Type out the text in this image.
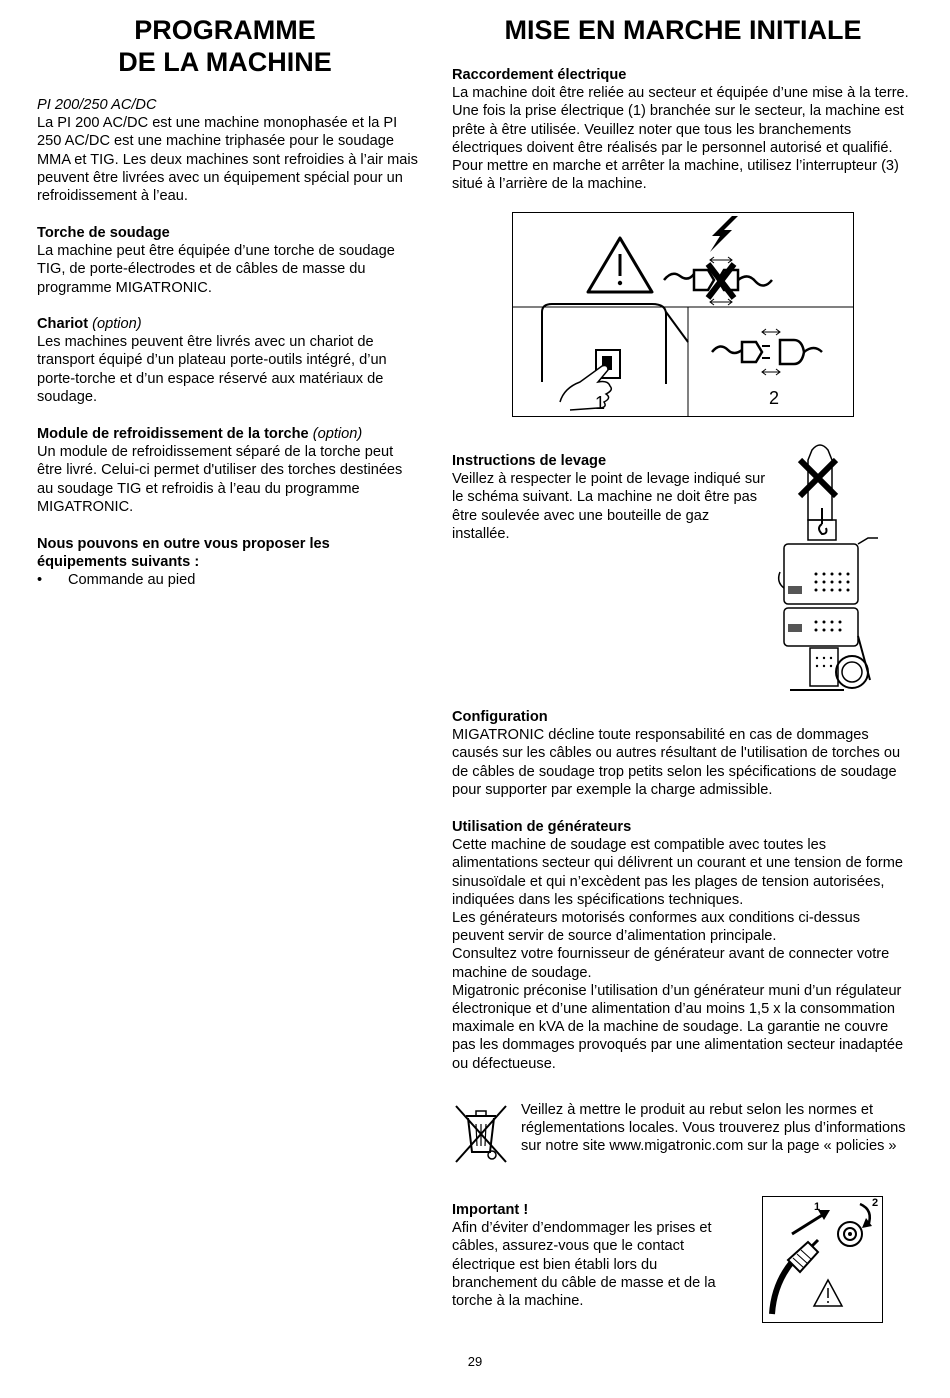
PROGRAMME
DE LA MACHINE

PI 200/250 AC/DC

La PI 200 AC/DC est une machine monophasée et la PI 250 AC/DC est une machine triphasée pour le soudage MMA et TIG. Les deux machines sont refroidies à l’air mais peuvent être livrées avec un équipement spécial pour un refroidissement à l’eau.

Torche de soudage

La machine peut être équipée d’une torche de soudage TIG, de porte-électrodes et de câbles de masse du programme MIGATRONIC.

Chariot (option)

Les machines peuvent être livrés avec un chariot de transport équipé d’un plateau porte-outils intégré, d’un porte-torche et d’un espace réservé aux matériaux de soudage.

Module de refroidissement de la torche (option)

Un module de refroidissement séparé de la torche peut être livré. Celui-ci permet d'utiliser des torches destinées au soudage TIG et refroidis à l’eau du programme MIGATRONIC.

Nous pouvons en outre vous proposer les équipements suivants :

•	Commande au pied
MISE EN MARCHE INITIALE

Raccordement électrique

La machine doit être reliée au secteur et équipée d’une mise à la terre. Une fois la prise électrique (1) branchée sur le secteur, la machine est prête à être utilisée. Veuillez noter que tous les branchements électriques doivent être réalisés par le personnel autorisé et qualifié. Pour mettre en marche et arrêter la machine, utilisez l’interrupteur (3) situé à l’arrière de la machine.

1	2

Instructions de levage

Veillez à respecter le point de levage indiqué sur le schéma suivant. La machine ne doit être pas être soulevée avec une bouteille de gaz installée.

Configuration

MIGATRONIC décline toute responsabilité en cas de dommages causés sur les câbles ou autres résultant de l'utilisation de torches ou de câbles de soudage trop petits selon les spécifications de soudage pour supporter par exemple la charge admissible.

Utilisation de générateurs

Cette machine de soudage est compatible avec toutes les alimentations secteur qui délivrent un courant et une tension de forme sinusoïdale et qui n’excèdent pas les plages de tension autorisées, indiquées dans les spécifications techniques.

Les générateurs motorisés conformes aux conditions ci-dessus peuvent servir de source d’alimentation principale.

Consultez votre fournisseur de générateur avant de connecter votre machine de soudage.

Migatronic préconise l’utilisation d’un générateur muni d’un régulateur électronique et d’une alimentation d’au moins 1,5 x la consommation maximale en kVA de la machine de soudage. La garantie ne couvre pas les dommages provoqués par une alimentation secteur inadaptée ou défectueuse.

Veillez à mettre le produit au rebut selon les normes et réglementations locales. Vous trouverez plus d’informations sur notre site www.migatronic.com sur la page « policies »

Important !

Afin d’éviter d’endommager les prises et câbles, assurez-vous que le contact électrique est bien établi lors du branchement du câble de masse et de la torche à la machine.

1	2
29
